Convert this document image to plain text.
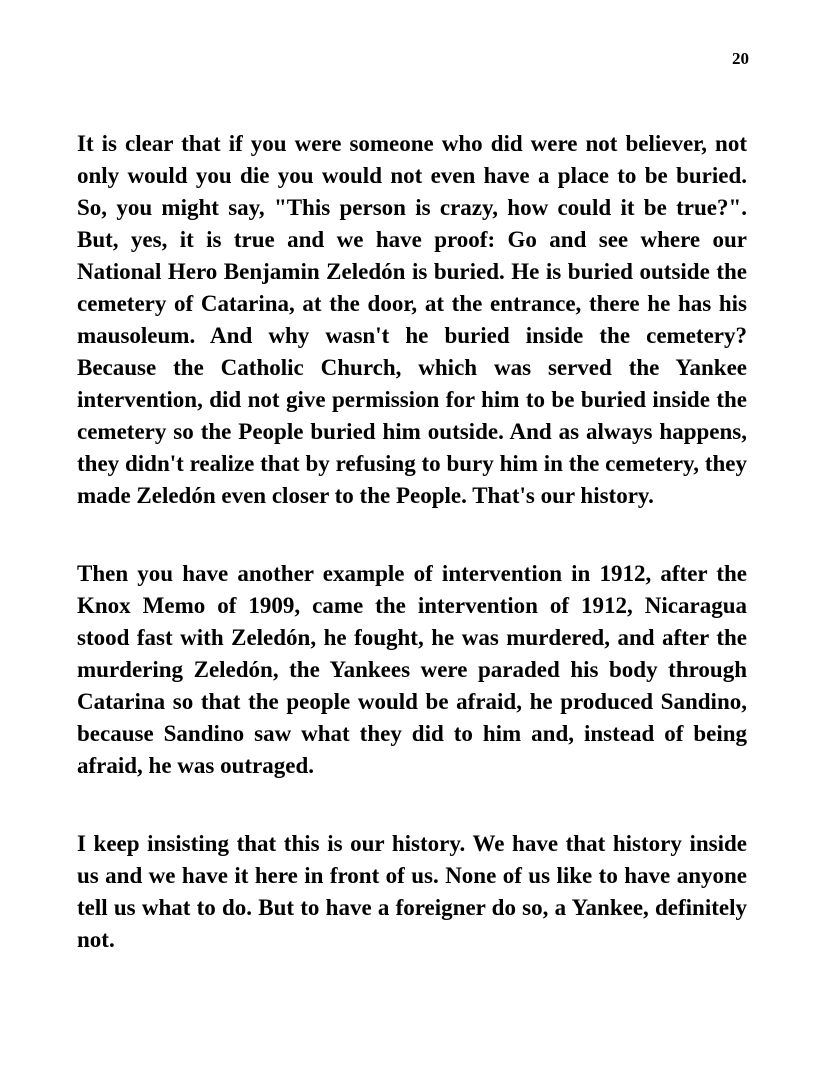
20

It is clear that if you were someone who did were not believer, not only would you die you would not even have a place to be buried. So, you might say, "This person is crazy, how could it be true?". But, yes, it is true and we have proof: Go and see where our National Hero Benjamin Zeledón is buried. He is buried outside the cemetery of Catarina, at the door, at the entrance, there he has his mausoleum. And why wasn't he buried inside the cemetery? Because the Catholic Church, which was served the Yankee intervention, did not give permission for him to be buried inside the cemetery so the People buried him outside. And as always happens, they didn't realize that by refusing to bury him in the cemetery, they made Zeledón even closer to the People. That's our history.

Then you have another example of intervention in 1912, after the Knox Memo of 1909, came the intervention of 1912, Nicaragua stood fast with Zeledón, he fought, he was murdered, and after the murdering Zeledón, the Yankees were paraded his body through Catarina so that the people would be afraid, he produced Sandino, because Sandino saw what they did to him and, instead of being afraid, he was outraged.

I keep insisting that this is our history. We have that history inside us and we have it here in front of us. None of us like to have anyone tell us what to do. But to have a foreigner do so, a Yankee, definitely not.
